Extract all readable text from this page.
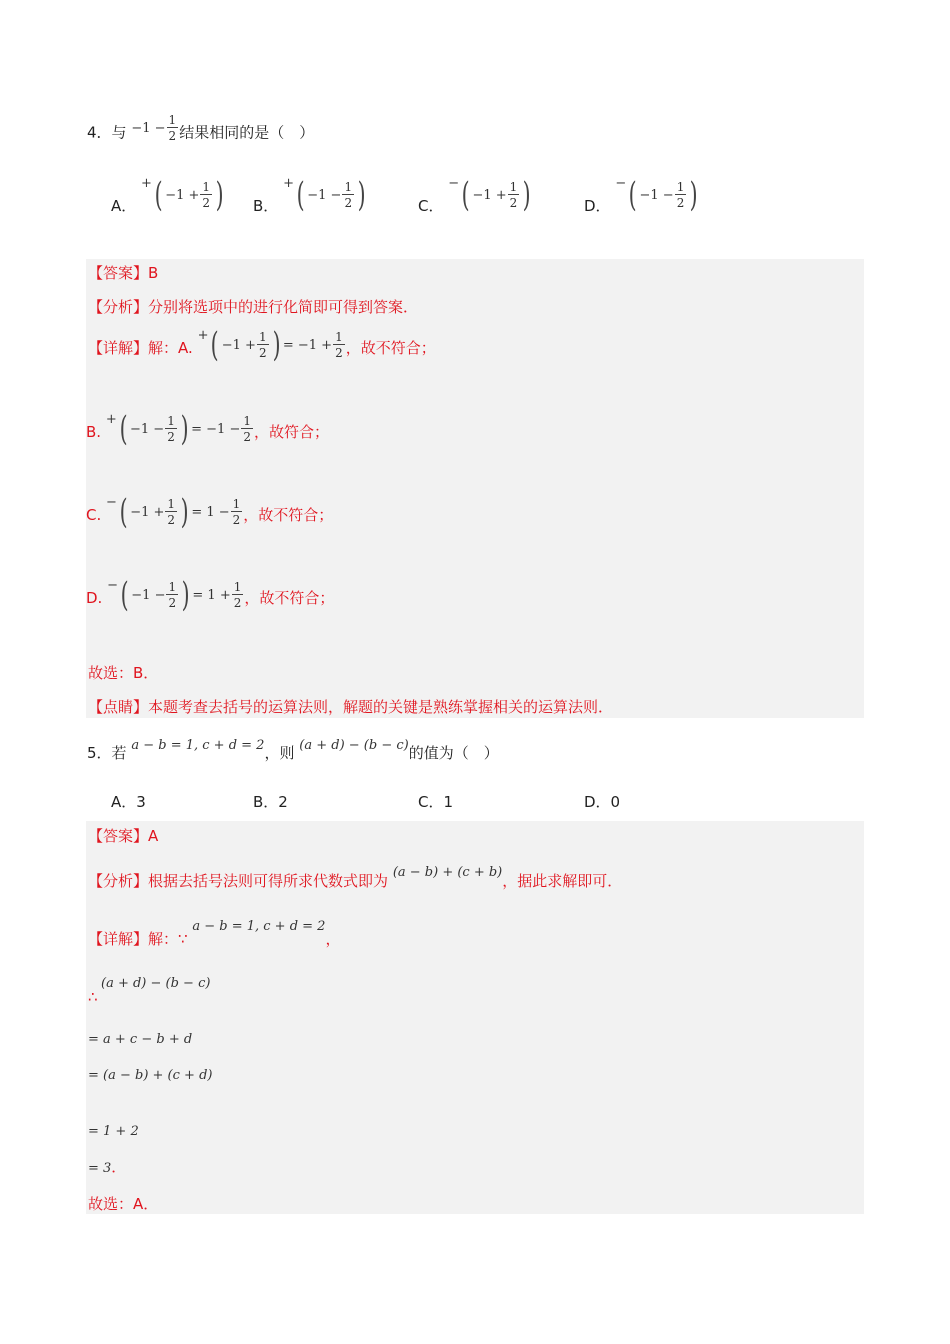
4．与 $-1 - \frac{1}{2}$ 结果相同的是（　）
A． +( $-1 + \frac{1}{2}$ ) B． +( $-1 - \frac{1}{2}$ )	C． −( $-1 + \frac{1}{2}$ )	D． −( $-1 - \frac{1}{2}$ )
【答案】B
【分析】分别将选项中的进行化简即可得到答案．
【详解】解：A. +( $-1 + \frac{1}{2}$ ) = $-1 + \frac{1}{2}$ ，故不符合；
B. +( $-1 - \frac{1}{2}$ ) = $-1 - \frac{1}{2}$ ，故符合；
C. −( $-1 + \frac{1}{2}$ ) = $1 - \frac{1}{2}$ ，故不符合；
D. −( $-1 - \frac{1}{2}$ ) = $1 + \frac{1}{2}$ ，故不符合；
故选：B．
【点睛】本题考查去括号的运算法则，解题的关键是熟练掌握相关的运算法则．
5．若 a − b = 1, c + d = 2，则 (a + d) − (b − c)的值为（　）
A．3	B．2	C．1	D．0
【答案】A
【分析】根据去括号法则可得所求代数式即为 (a − b) + (c + b)，据此求解即可．
【详解】解：∵ a − b = 1, c + d = 2，
∴
(a + d) − (b − c)
= a + c − b + d
= (a − b) + (c + d)
= 1 + 2
= 3．
故选：A．
